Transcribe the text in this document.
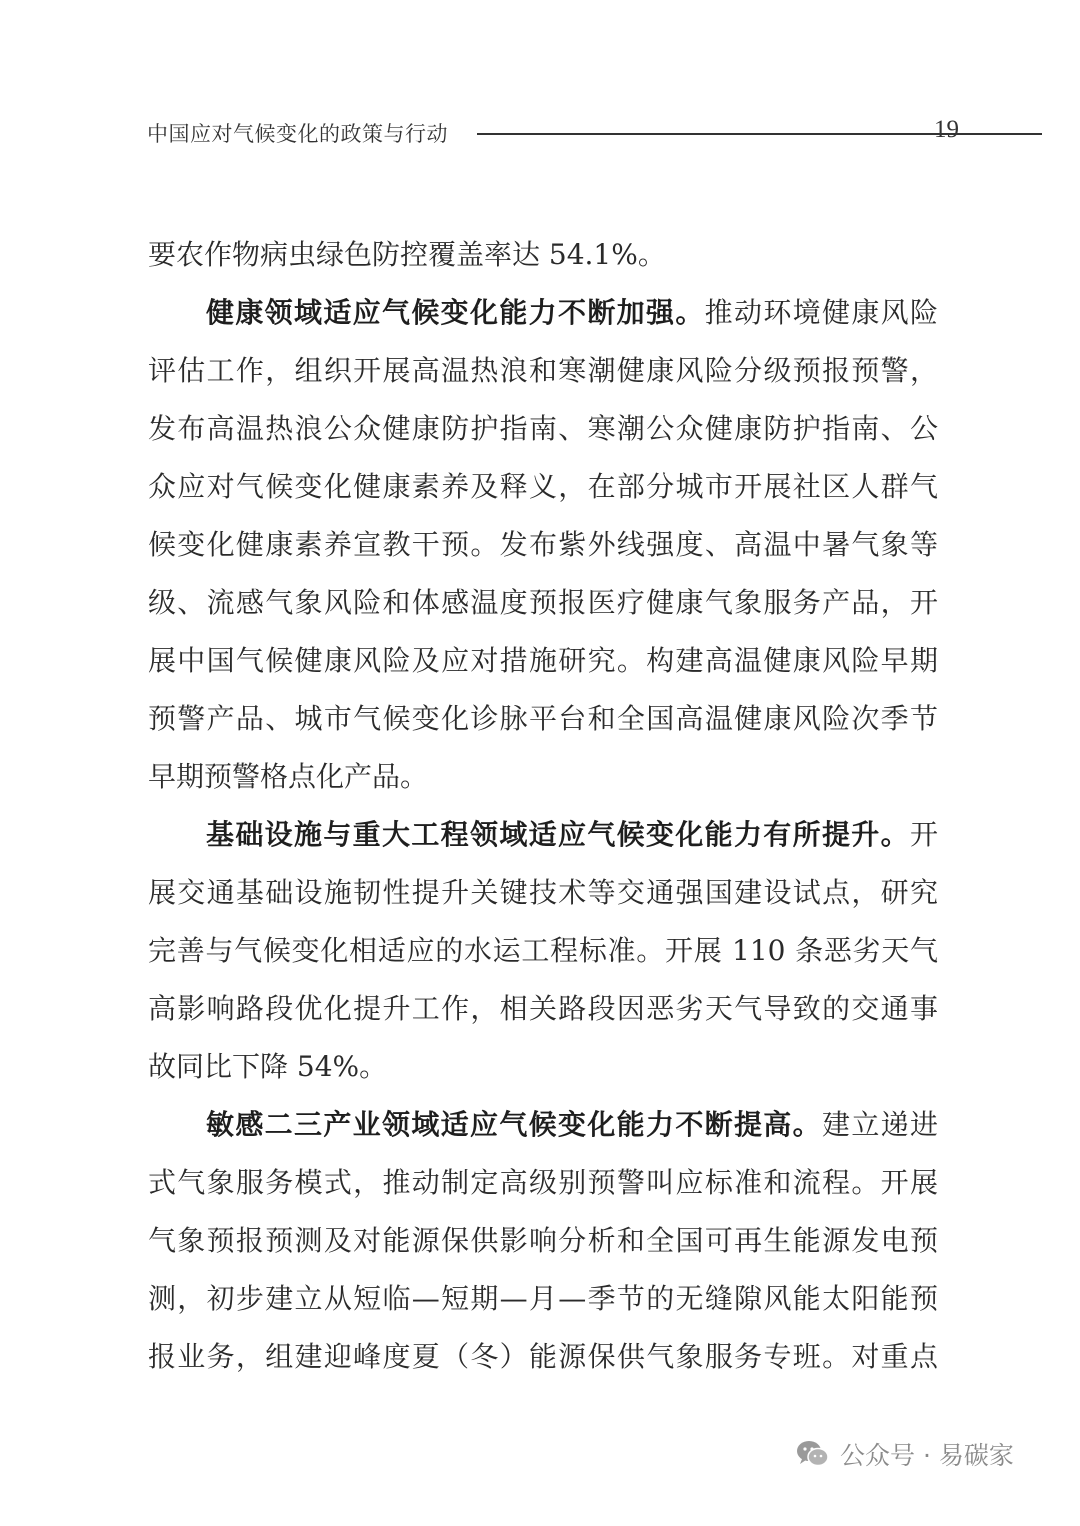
中国应对气候变化的政策与行动	19
要农作物病虫绿色防控覆盖率达 54.1%。
健康领域适应气候变化能力不断加强。推动环境健康风险
评估工作，组织开展高温热浪和寒潮健康风险分级预报预警，
发布高温热浪公众健康防护指南、寒潮公众健康防护指南、公
众应对气候变化健康素养及释义，在部分城市开展社区人群气
候变化健康素养宣教干预。发布紫外线强度、高温中暑气象等
级、流感气象风险和体感温度预报医疗健康气象服务产品，开
展中国气候健康风险及应对措施研究。构建高温健康风险早期
预警产品、城市气候变化诊脉平台和全国高温健康风险次季节
早期预警格点化产品。
基础设施与重大工程领域适应气候变化能力有所提升。开
展交通基础设施韧性提升关键技术等交通强国建设试点，研究
完善与气候变化相适应的水运工程标准。开展 110 条恶劣天气
高影响路段优化提升工作，相关路段因恶劣天气导致的交通事
故同比下降 54%。
敏感二三产业领域适应气候变化能力不断提高。建立递进
式气象服务模式，推动制定高级别预警叫应标准和流程。开展
气象预报预测及对能源保供影响分析和全国可再生能源发电预
测，初步建立从短临—短期—月—季节的无缝隙风能太阳能预
报业务，组建迎峰度夏（冬）能源保供气象服务专班。对重点
公众号 · 易碳家
